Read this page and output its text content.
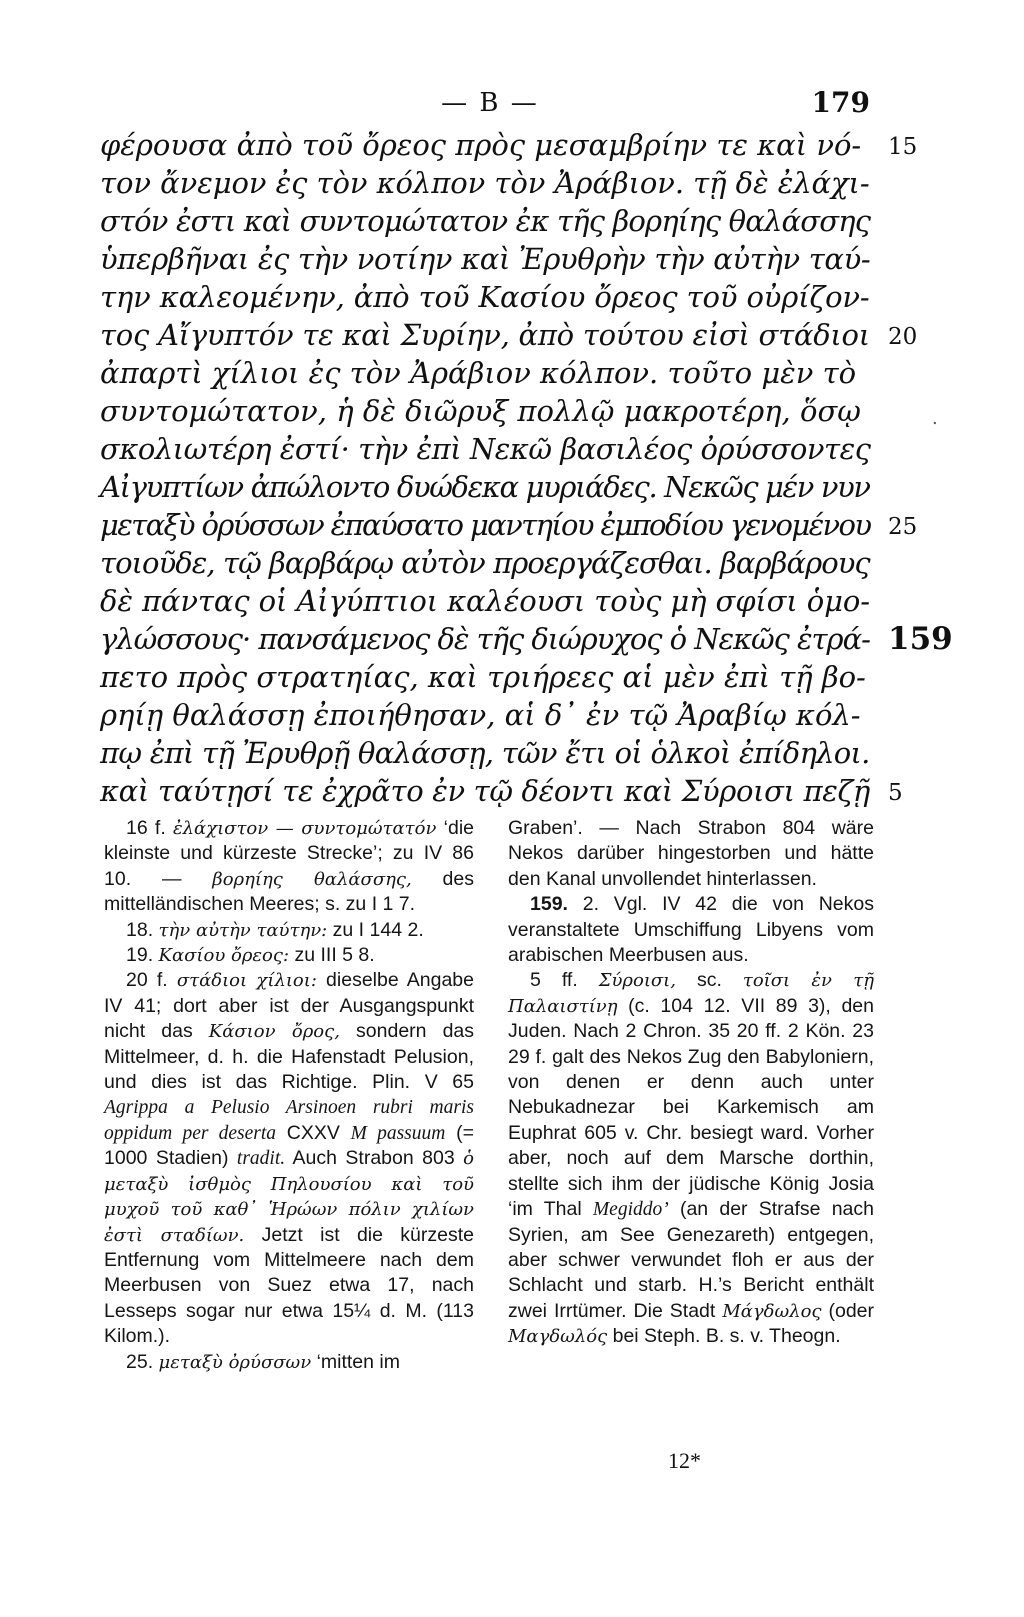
— B —	179
φέρουσα ἀπὸ τοῦ ὄρεος πρὸς μεσαμβρίην τε καὶ νό-
τον ἄνεμον ἐς τὸν κόλπον τὸν Ἀράβιον. τῇ δὲ ἐλάχι-
στόν ἐστι καὶ συντομώτατον ἐκ τῆς βορηίης θαλάσσης
ὑπερβῆναι ἐς τὴν νοτίην καὶ Ἐρυθρὴν τὴν αὐτὴν ταύ-
την καλεομένην, ἀπὸ τοῦ Κασίου ὄρεος τοῦ οὐρίζον-
τος Αἴγυπτόν τε καὶ Συρίην, ἀπὸ τούτου εἰσὶ στάδιοι
ἀπαρτὶ χίλιοι ἐς τὸν Ἀράβιον κόλπον. τοῦτο μὲν τὸ
συντομώτατον, ἡ δὲ διῶρυξ πολλῷ μακροτέρη, ὅσῳ
σκολιωτέρη ἐστί· τὴν ἐπὶ Νεκῶ βασιλέος ὀρύσσοντες
Αἰγυπτίων ἀπώλοντο δυώδεκα μυριάδες. Νεκῶς μέν νυν
μεταξὺ ὀρύσσων ἐπαύσατο μαντηίου ἐμποδίου γενομένου
τοιοῦδε, τῷ βαρβάρῳ αὐτὸν προεργάζεσθαι. βαρβάρους
δὲ πάντας οἱ Αἰγύπτιοι καλέουσι τοὺς μὴ σφίσι ὁμο-
γλώσσους· πανσάμενος δὲ τῆς διώρυχος ὁ Νεκῶς ἐτρά-
πετο πρὸς στρατηίας, καὶ τριήρεες αἱ μὲν ἐπὶ τῇ βο-
ρηίῃ θαλάσσῃ ἐποιήθησαν, αἱ δ᾿ ἐν τῷ Ἀραβίῳ κόλ-
πῳ ἐπὶ τῇ Ἐρυθρῇ θαλάσσῃ, τῶν ἔτι οἱ ὁλκοὶ ἐπίδηλοι.
καὶ ταύτῃσί τε ἐχρᾶτο ἐν τῷ δέοντι καὶ Σύροισι πεζῇ
15
20
.
25
159
5

16 f. ἐλάχιστον — συντομώτατόν ‘die kleinste und kürzeste Strecke’; zu IV 86 10. — βορηίης θαλάσσης, des mittelländischen Meeres; s. zu I 1 7.

18. τὴν αὐτὴν ταύτην: zu I 144 2.

19. Κασίου ὄρεος: zu III 5 8.

20 f. στάδιοι χίλιοι: dieselbe Angabe IV 41; dort aber ist der Ausgangspunkt nicht das Κάσιον ὄρος, sondern das Mittelmeer, d. h. die Hafenstadt Pelusion, und dies ist das Richtige. Plin. V 65 Agrippa a Pelusio Arsinoen rubri maris oppidum per deserta CXXV M passuum (= 1000 Stadien) tradit. Auch Strabon 803 ὁ μεταξὺ ἰσθμὸς Πηλουσίου καὶ τοῦ μυχοῦ τοῦ καθ᾿ Ἡρώων πόλιν χιλίων ἐστὶ σταδίων. Jetzt ist die kürzeste Entfernung vom Mittelmeere nach dem Meerbusen von Suez etwa 17, nach Lesseps sogar nur etwa 15¼ d. M. (113 Kilom.).

25. μεταξὺ ὀρύσσων ‘mitten im

Graben’. — Nach Strabon 804 wäre Nekos darüber hingestorben und hätte den Kanal unvollendet hinterlassen.

159. 2. Vgl. IV 42 die von Nekos veranstaltete Umschiffung Libyens vom arabischen Meerbusen aus.

5 ff. Σύροισι, sc. τοῖσι ἐν τῇ Παλαιστίνῃ (c. 104 12. VII 89 3), den Juden. Nach 2 Chron. 35 20 ff. 2 Kön. 23 29 f. galt des Nekos Zug den Babyloniern, von denen er denn auch unter Nebukadnezar bei Karkemisch am Euphrat 605 v. Chr. besiegt ward. Vorher aber, noch auf dem Marsche dorthin, stellte sich ihm der jüdische König Josia ‘im Thal Megiddo’ (an der Strafse nach Syrien, am See Genezareth) entgegen, aber schwer verwundet floh er aus der Schlacht und starb. H.’s Bericht enthält zwei Irrtümer. Die Stadt Μάγδωλος (oder Μαγδωλός bei Steph. B. s. v. Theogn.

12*
